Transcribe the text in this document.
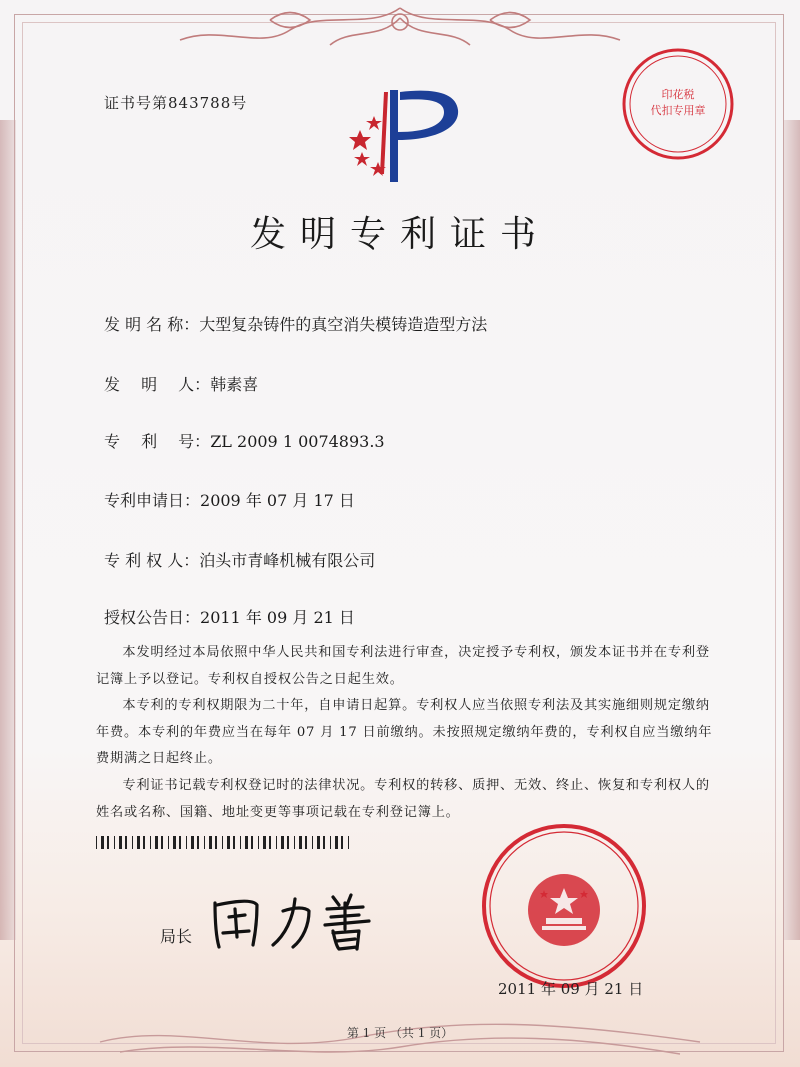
证书号第843788号	印花税
代扣专用章
发明专利证书
发 明 名 称：大型复杂铸件的真空消失模铸造造型方法
发　 明　 人：韩素喜
专　 利　 号：ZL 2009 1 0074893.3
专利申请日：2009 年 07 月 17 日
专 利 权 人：泊头市青峰机械有限公司
授权公告日：2011 年 09 月 21 日

本发明经过本局依照中华人民共和国专利法进行审查，决定授予专利权，颁发本证书并在专利登记簿上予以登记。专利权自授权公告之日起生效。

本专利的专利权期限为二十年，自申请日起算。专利权人应当依照专利法及其实施细则规定缴纳年费。本专利的年费应当在每年 07 月 17 日前缴纳。未按照规定缴纳年费的，专利权自应当缴纳年费期满之日起终止。

专利证书记载专利权登记时的法律状况。专利权的转移、质押、无效、终止、恢复和专利权人的姓名或名称、国籍、地址变更等事项记载在专利登记簿上。

局长
2011 年 09 月 21 日
第 1 页 （共 1 页）
